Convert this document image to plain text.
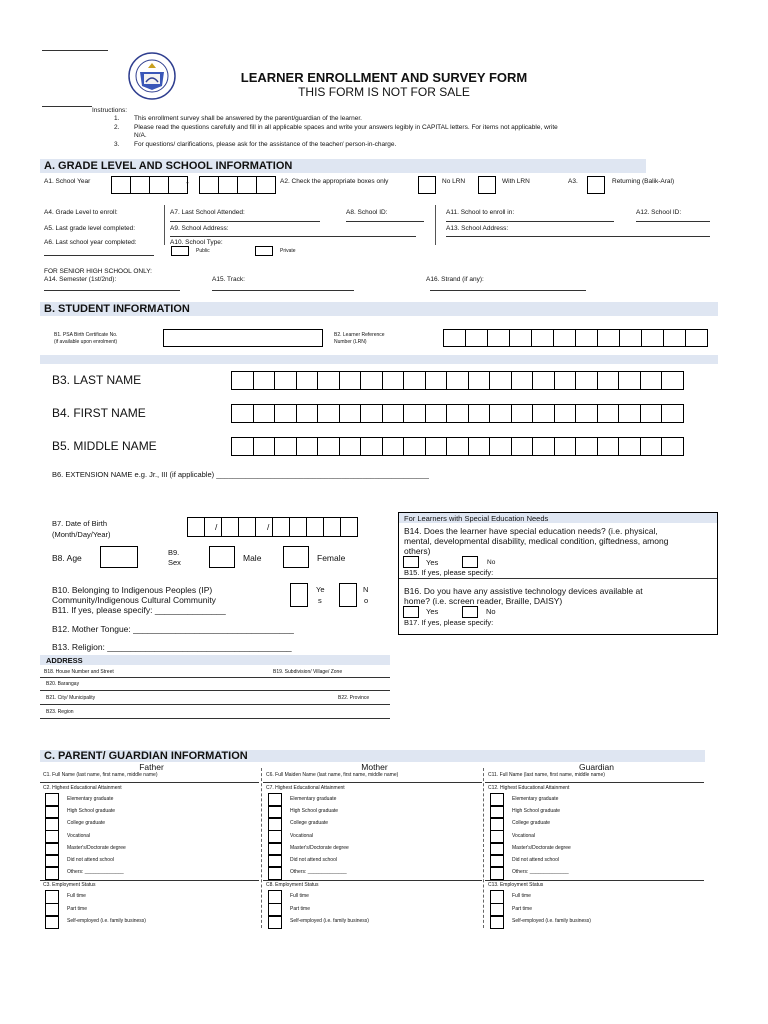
LEARNER ENROLLMENT AND SURVEY FORM
THIS FORM IS NOT FOR SALE
Instructions:
1. This enrollment survey shall be answered by the parent/guardian of the learner.
2. Please read the questions carefully and fill in all applicable spaces and write your answers legibly in CAPITAL letters. For items not applicable, write
N/A.
3. For questions/ clarifications, please ask for the assistance of the teacher/ person-in-charge.
A. GRADE LEVEL AND SCHOOL INFORMATION
A1. School Year	-	A2. Check the appropriate boxes only	No LRN	With LRN	A3.	Returning (Balik-Aral)
A4. Grade Level to enroll:
A5. Last grade level completed:
A6. Last school year completed:
A7. Last School Attended:
A9. School Address:
A10. School Type:
Public	Private
A8. School ID:	A11. School to enroll in:
A13. School Address:
A12. School ID:
FOR SENIOR HIGH SCHOOL ONLY:
A14. Semester (1st/2nd):	A15. Track:	A16. Strand (if any):
B. STUDENT INFORMATION
B1. PSA Birth Certificate No.
(if available upon enrolment)
B2. Learner Reference
Number (LRN)
B3. LAST NAME
B4. FIRST NAME
B5. MIDDLE NAME
B6. EXTENSION NAME e.g. Jr., III (if applicable) ___________________________________________________
B7. Date of Birth
(Month/Day/Year)
/	/
B8. Age
B9.
Sex	Male	Female
B10. Belonging to Indigenous Peoples (IP)
Community/Indigenous Cultural Community
Ye
s
N
o
B11. If yes, please specify: _______________
B12. Mother Tongue: __________________________________
B13. Religion: _______________________________________
For Learners with Special Education Needs
B14. Does the learner have special education needs? (i.e. physical,
mental, developmental disability, medical condition, giftedness, among
others)
Yes	No
B15. If yes, please specify:
B16. Do you have any assistive technology devices available at
home? (i.e. screen reader, Braille, DAISY)
Yes	No
B17. If yes, please specify:
ADDRESS
B18. House Number and Street	B19. Subdivision/ Village/ Zone
B20. Barangay
B21. City/ Municipality	B22. Province
B23. Region
C. PARENT/ GUARDIAN INFORMATION
Father
C1. Full Name (last name, first name, middle name)
C2. Highest Educational Attainment
Elementary graduate
High School graduate
College graduate
Vocational
Master's/Doctorate degree
Did not attend school
Others: ______________
C3. Employment Status
Full time
Part time
Self-employed (i.e. family business)
Mother
C6. Full Maiden Name (last name, first name, middle name)
C7. Highest Educational Attainment
Elementary graduate
High School graduate
College graduate
Vocational
Master's/Doctorate degree
Did not attend school
Others: ______________
C8. Employment Status
Full time
Part time
Self-employed (i.e. family business)
Guardian
C11. Full Name (last name, first name, middle name)
C12. Highest Educational Attainment
Elementary graduate
High School graduate
College graduate
Vocational
Master's/Doctorate degree
Did not attend school
Others: ______________
C13. Employment Status
Full time
Part time
Self-employed (i.e. family business)
